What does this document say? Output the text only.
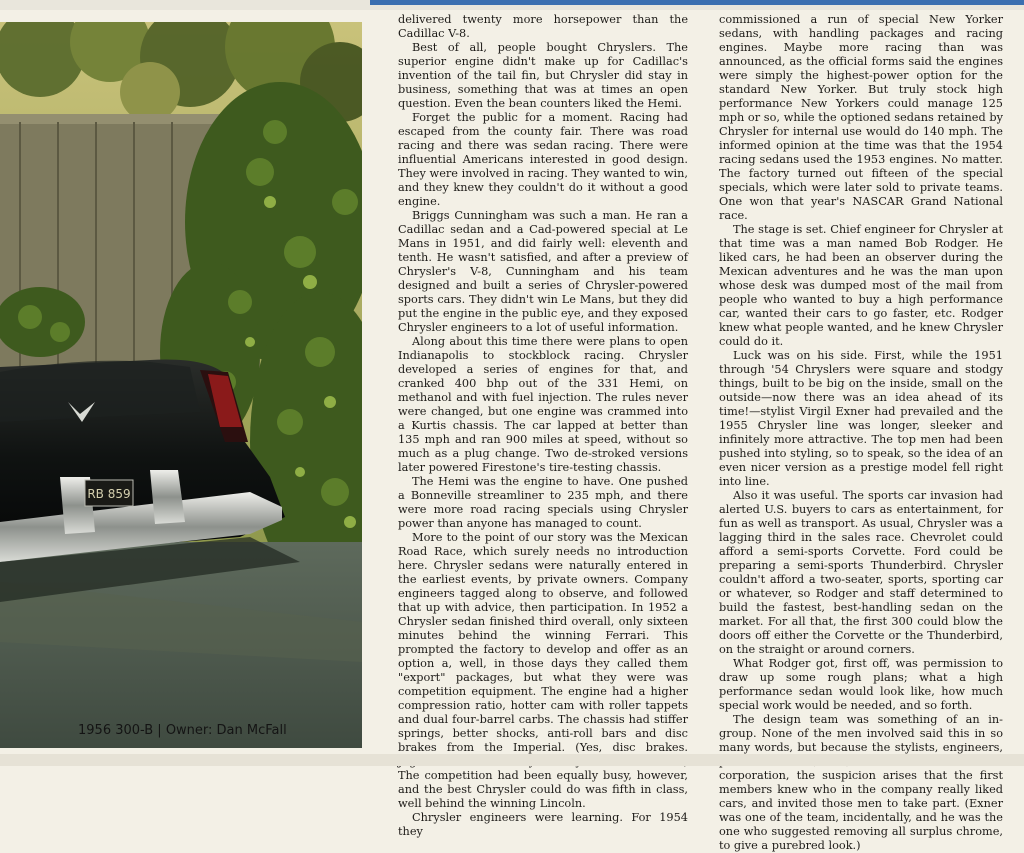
RB 859
1956 300-B | Owner: Dan McFall

delivered twenty more horsepower than the Cadillac V-8.

Best of all, people bought Chryslers. The superior engine didn't make up for Cadillac's invention of the tail fin, but Chrysler did stay in business, something that was at times an open question. Even the bean counters liked the Hemi.

Forget the public for a moment. Racing had escaped from the county fair. There was road racing and there was sedan racing. There were influential Americans interested in good design. They were involved in racing. They wanted to win, and they knew they couldn't do it without a good engine.

Briggs Cunningham was such a man. He ran a Cadillac sedan and a Cad-powered special at Le Mans in 1951, and did fairly well: eleventh and tenth. He wasn't satisfied, and after a preview of Chrysler's V-8, Cunningham and his team designed and built a series of Chrysler-powered sports cars. They didn't win Le Mans, but they did put the engine in the public eye, and they exposed Chrysler engineers to a lot of useful information.

Along about this time there were plans to open Indianapolis to stockblock racing. Chrysler developed a series of engines for that, and cranked 400 bhp out of the 331 Hemi, on methanol and with fuel injection. The rules never were changed, but one engine was crammed into a Kurtis chassis. The car lapped at better than 135 mph and ran 900 miles at speed, without so much as a plug change. Two de-stroked versions later powered Firestone's tire-testing chassis.

The Hemi was the engine to have. One pushed a Bonneville streamliner to 235 mph, and there were more road racing specials using Chrysler power than anyone has managed to count.

More to the point of our story was the Mexican Road Race, which surely needs no introduction here. Chrysler sedans were naturally entered in the earliest events, by private owners. Company engineers tagged along to observe, and followed that up with advice, then participation. In 1952 a Chrysler sedan finished third overall, only sixteen minutes behind the winning Ferrari. This prompted the factory to develop and offer as an option a, well, in those days they called them "export" packages, but what they were was competition equipment. The engine had a higher compression ratio, hotter cam with roller tappets and dual four-barrel carbs. The chassis had stiffer springs, better shocks, anti-roll bars and disc brakes from the Imperial. (Yes, disc brakes. The competition had been equally busy, however, and the best Chrysler could do was fifth in class, well behind the winning Lincoln.

Chrysler engineers were learning. For 1954 they

commissioned a run of special New Yorker sedans, with handling packages and racing engines. Maybe more racing than was announced, as the official forms said the engines were simply the highest-power option for the standard New Yorker. But truly stock high performance New Yorkers could manage 125 mph or so, while the optioned sedans retained by Chrysler for internal use would do 140 mph. The informed opinion at the time was that the 1954 racing sedans used the 1953 engines. No matter. The factory turned out fifteen of the special specials, which were later sold to private teams. One won that year's NASCAR Grand National race.

The stage is set. Chief engineer for Chrysler at that time was a man named Bob Rodger. He liked cars, he had been an observer during the Mexican adventures and he was the man upon whose desk was dumped most of the mail from people who wanted to buy a high performance car, wanted their cars to go faster, etc. Rodger knew what people wanted, and he knew Chrysler could do it.

Luck was on his side. First, while the 1951 through '54 Chryslers were square and stodgy things, built to be big on the inside, small on the outside—now there was an idea ahead of its time!—stylist Virgil Exner had prevailed and the 1955 Chrysler line was longer, sleeker and infinitely more attractive. The top men had been pushed into styling, so to speak, so the idea of an even nicer version as a prestige model fell right into line.

Also it was useful. The sports car invasion had alerted U.S. buyers to cars as entertainment, for fun as well as transport. As usual, Chrysler was a lagging third in the sales race. Chevrolet could afford a semi-sports Corvette. Ford could be preparing a semi-sports Thunderbird. Chrysler couldn't afford a two-seater, sports, sporting car or whatever, so Rodger and staff determined to build the fastest, best-handling sedan on the market. For all that, the first 300 could blow the doors off either the Corvette or the Thunderbird, on the straight or around corners.

What Rodger got, first off, was permission to draw up some rough plans; what a high performance sedan would look like, how much special work would be needed, and so forth.

The design team was something of an in-group. None of the men involved said this in so many words, but because the stylists, engineers, corporation, the suspicion arises that the first members knew who in the company really liked cars, and invited those men to take part. (Exner was one of the team, incidentally, and he was the one who suggested removing all surplus chrome, to give a purebred look.)
